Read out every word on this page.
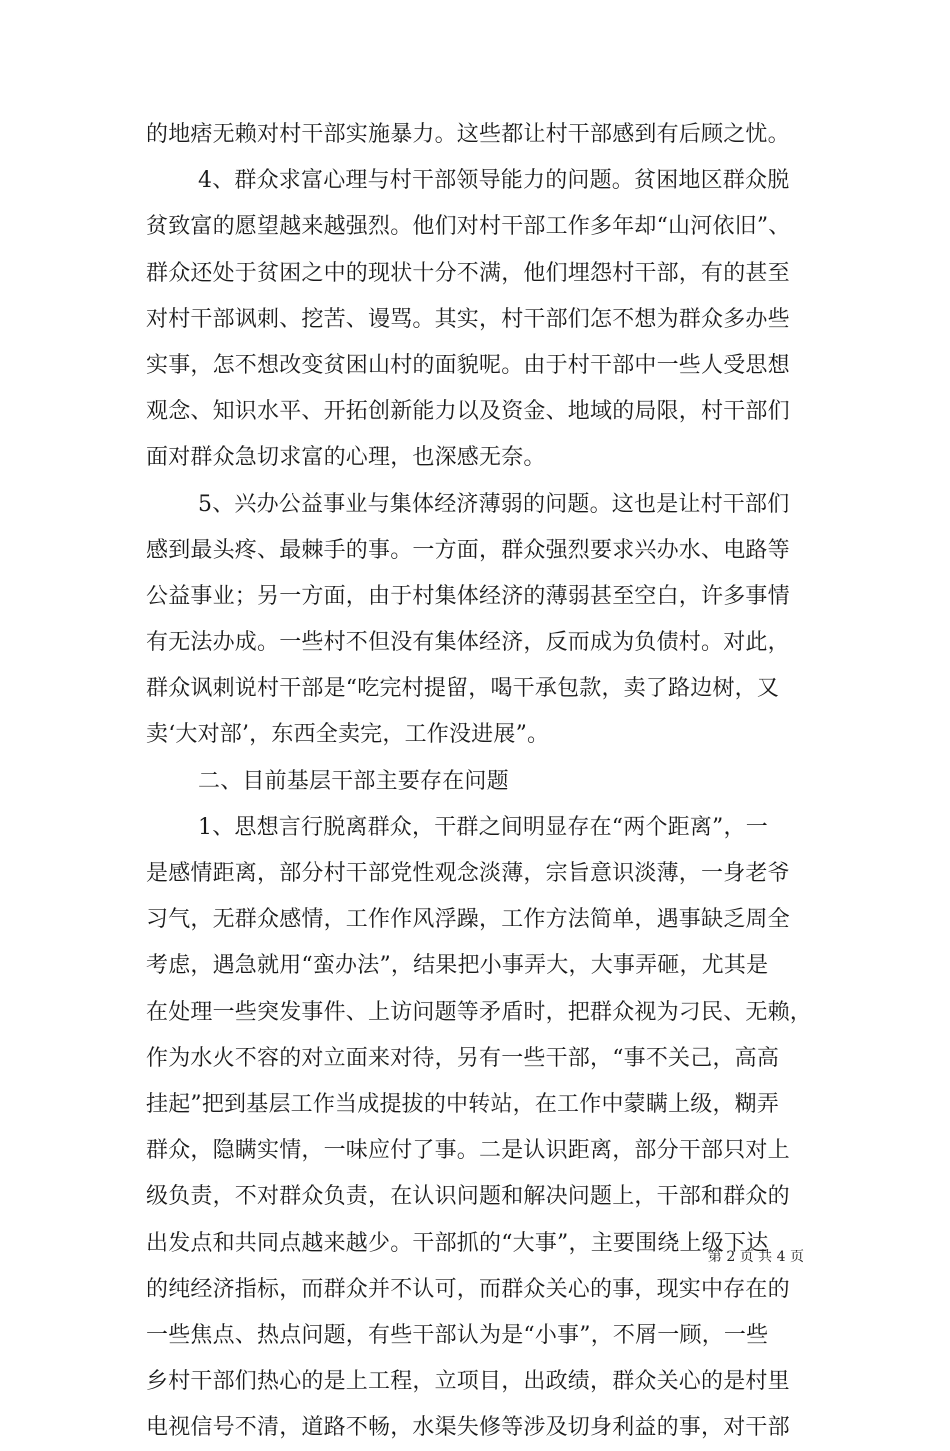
的地痞无赖对村干部实施暴力。这些都让村干部感到有后顾之忧。
4、群众求富心理与村干部领导能力的问题。贫困地区群众脱
贫致富的愿望越来越强烈。他们对村干部工作多年却“山河依旧”、
群众还处于贫困之中的现状十分不满，他们埋怨村干部，有的甚至
对村干部讽刺、挖苦、谩骂。其实，村干部们怎不想为群众多办些
实事，怎不想改变贫困山村的面貌呢。由于村干部中一些人受思想
观念、知识水平、开拓创新能力以及资金、地域的局限，村干部们
面对群众急切求富的心理，也深感无奈。
5、兴办公益事业与集体经济薄弱的问题。这也是让村干部们
感到最头疼、最棘手的事。一方面，群众强烈要求兴办水、电路等
公益事业；另一方面，由于村集体经济的薄弱甚至空白，许多事情
有无法办成。一些村不但没有集体经济，反而成为负债村。对此，
群众讽刺说村干部是“吃完村提留，喝干承包款，卖了路边树，又
卖‘大对部’，东西全卖完，工作没进展”。
二、目前基层干部主要存在问题
1、思想言行脱离群众，干群之间明显存在“两个距离”，一
是感情距离，部分村干部党性观念淡薄，宗旨意识淡薄，一身老爷
习气，无群众感情，工作作风浮躁，工作方法简单，遇事缺乏周全
考虑，遇急就用“蛮办法”，结果把小事弄大，大事弄砸，尤其是
在处理一些突发事件、上访问题等矛盾时，把群众视为刁民、无赖，
作为水火不容的对立面来对待，另有一些干部，“事不关己，高高
挂起”把到基层工作当成提拔的中转站，在工作中蒙瞒上级，糊弄
群众，隐瞒实情，一味应付了事。二是认识距离，部分干部只对上
级负责，不对群众负责，在认识问题和解决问题上，干部和群众的
出发点和共同点越来越少。干部抓的“大事”，主要围绕上级下达
的纯经济指标，而群众并不认可，而群众关心的事，现实中存在的
一些焦点、热点问题，有些干部认为是“小事”，不屑一顾，一些
乡村干部们热心的是上工程，立项目，出政绩，群众关心的是村里
电视信号不清，道路不畅，水渠失修等涉及切身利益的事，对干部
第 2 页 共 4 页
